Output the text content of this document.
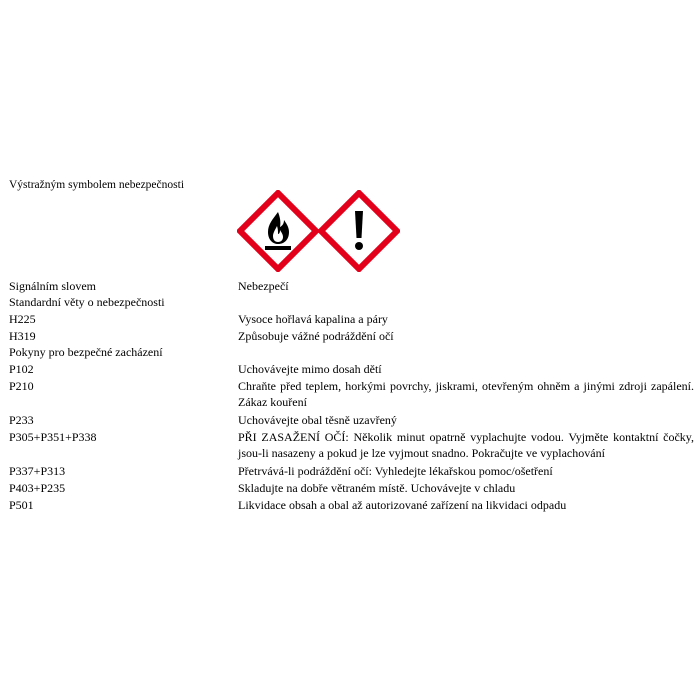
Výstražným symbolem nebezpečnosti
Signálním slovem	Nebezpečí
Standardní věty o nebezpečnosti
H225	Vysoce hořlavá kapalina a páry
H319	Způsobuje vážné podráždění očí
Pokyny pro bezpečné zacházení
P102	Uchovávejte mimo dosah dětí
P210	Chraňte před teplem, horkými povrchy, jiskrami, otevřeným ohněm a jinými zdroji zapálení. Zákaz kouření
P233	Uchovávejte obal těsně uzavřený
P305+P351+P338	PŘI ZASAŽENÍ OČÍ: Několik minut opatrně vyplachujte vodou. Vyjměte kontaktní čočky, jsou-li nasazeny a pokud je lze vyjmout snadno. Pokračujte ve vyplachování
P337+P313	Přetrvává-li podráždění očí: Vyhledejte lékařskou pomoc/ošetření
P403+P235	Skladujte na dobře větraném místě. Uchovávejte v chladu
P501	Likvidace obsah a obal až autorizované zařízení na likvidaci odpadu
